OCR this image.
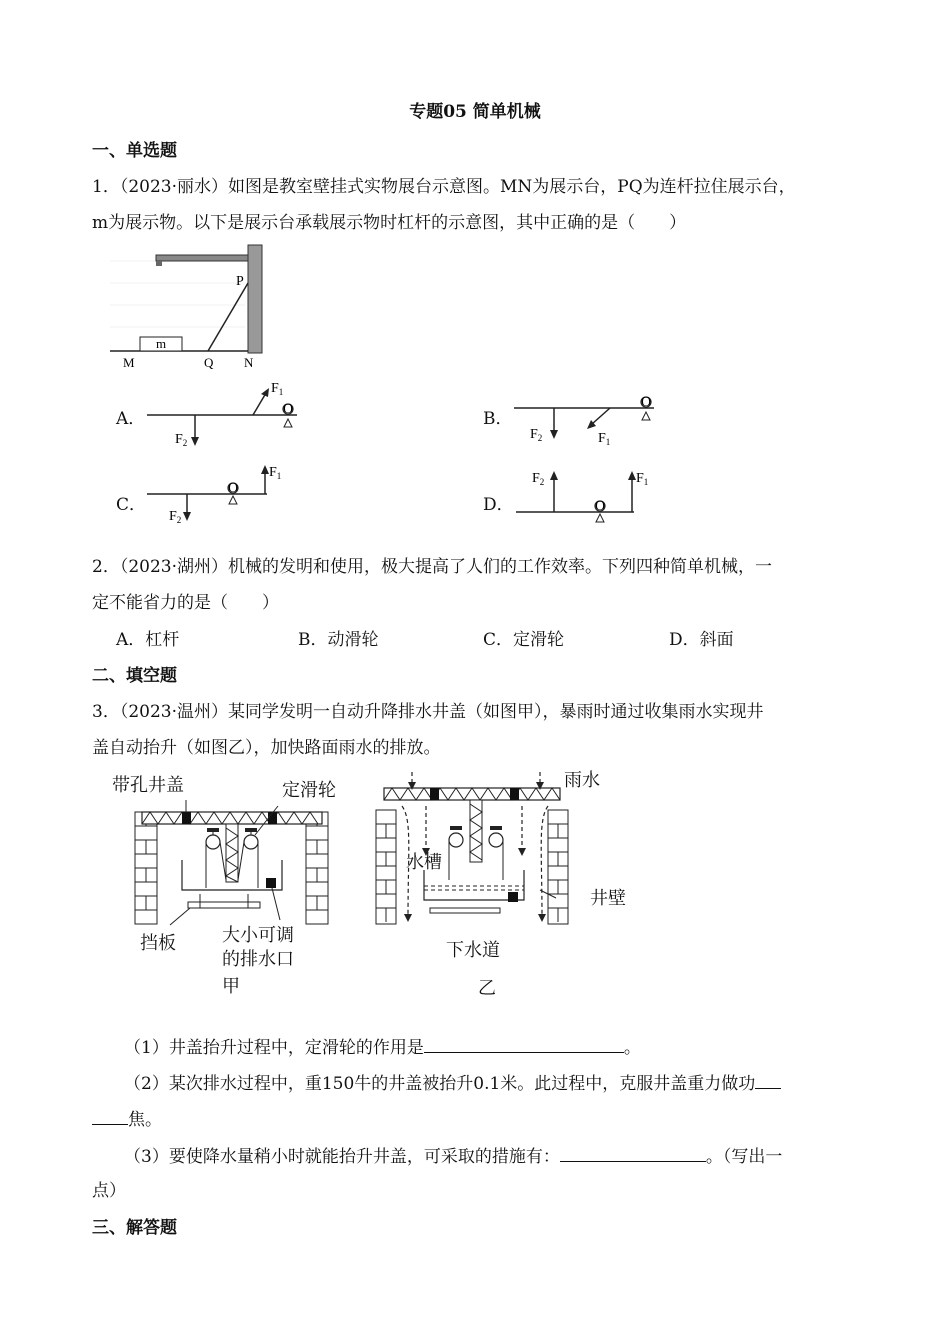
专题05 简单机械
一、单选题
1．（2023·丽水）如图是教室壁挂式实物展台示意图。MN为展示台，PQ为连杆拉住展示台，
m为展示物。以下是展示台承载展示物时杠杆的示意图，其中正确的是（　　）
P
m
M	Q N
A．
$F_1$
$F_2$
O	B．
$F_2$	$F_1$
O
C．
$F_1$
$F_2$
O
D．
$F_2$	$F_1$
O
2．（2023·湖州）机械的发明和使用，极大提高了人们的工作效率。下列四种简单机械，一
定不能省力的是（　　）
A．杠杆	B．动滑轮	C．定滑轮	D．斜面
二、填空题
3．（2023·温州）某同学发明一自动升降排水井盖（如图甲），暴雨时通过收集雨水实现井
盖自动抬升（如图乙），加快路面雨水的排放。
带孔井盖	定滑轮
挡板	大小可调
的排水口
甲
雨水
水槽
井壁
下水道
乙
（1）井盖抬升过程中，定滑轮的作用是	。
（2）某次排水过程中，重150牛的井盖被抬升0.1米。此过程中，克服井盖重力做功
焦。
（3）要使降水量稍小时就能抬升井盖，可采取的措施有：	。（写出一
点）
三、解答题
